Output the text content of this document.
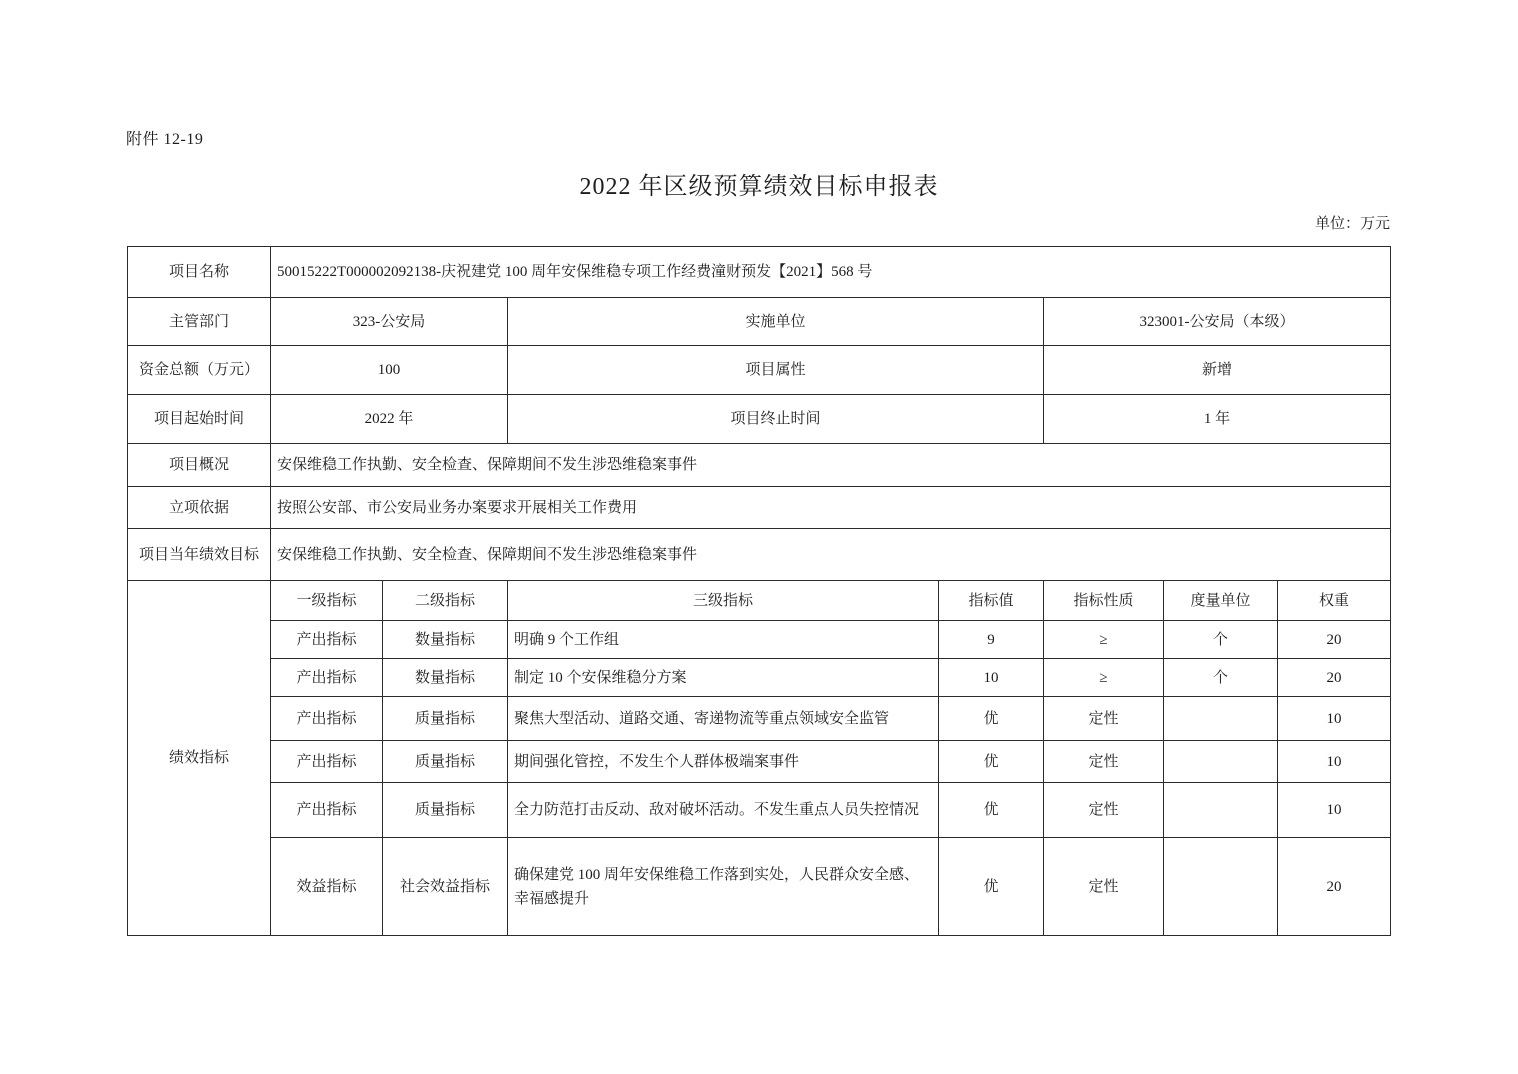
附件 12-19
2022 年区级预算绩效目标申报表
单位：万元
项目名称	50015222T000002092138-庆祝建党 100 周年安保维稳专项工作经费潼财预发【2021】568 号						
主管部门	323-公安局		实施单位		323001-公安局（本级）		
资金总额（万元）	100		项目属性		新增		
项目起始时间	2022 年		项目终止时间		1 年		
项目概况	安保维稳工作执勤、安全检查、保障期间不发生涉恐维稳案事件						
立项依据	按照公安部、市公安局业务办案要求开展相关工作费用						
项目当年绩效目标	安保维稳工作执勤、安全检查、保障期间不发生涉恐维稳案事件						
绩效指标	一级指标	二级指标	三级指标	指标值	指标性质	度量单位	权重
	产出指标	数量指标	明确 9 个工作组	9	≥	个	20
	产出指标	数量指标	制定 10 个安保维稳分方案	10	≥	个	20
	产出指标	质量指标	聚焦大型活动、道路交通、寄递物流等重点领域安全监管	优	定性		10
	产出指标	质量指标	期间强化管控，不发生个人群体极端案事件	优	定性		10
	产出指标	质量指标	全力防范打击反动、敌对破坏活动。不发生重点人员失控情况	优	定性		10
	效益指标	社会效益指标	确保建党 100 周年安保维稳工作落到实处，人民群众安全感、幸福感提升	优	定性		20
